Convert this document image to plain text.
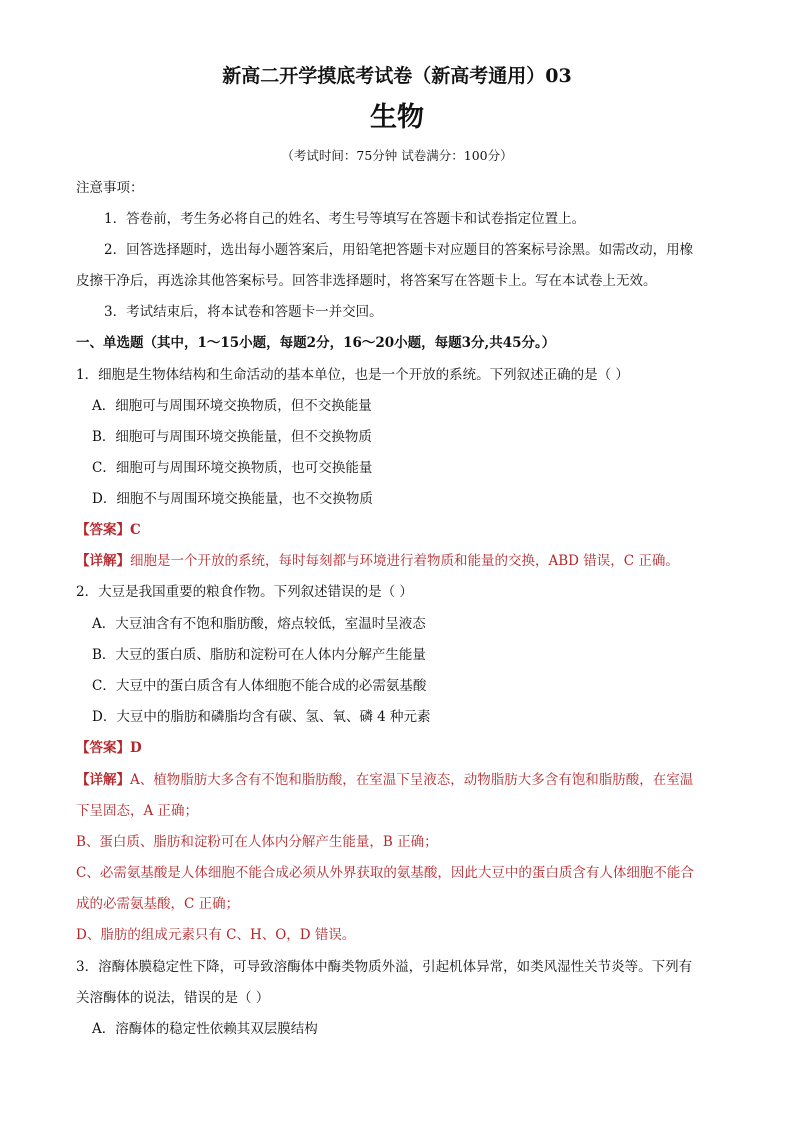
新高二开学摸底考试卷（新高考通用）03
生物
（考试时间：75分钟 试卷满分：100分）
注意事项：
1．答卷前，考生务必将自己的姓名、考生号等填写在答题卡和试卷指定位置上。
2．回答选择题时，选出每小题答案后，用铅笔把答题卡对应题目的答案标号涂黑。如需改动，用橡
皮擦干净后，再选涂其他答案标号。回答非选择题时，将答案写在答题卡上。写在本试卷上无效。
3．考试结束后，将本试卷和答题卡一并交回。
一、单选题（其中，1～15小题，每题2分，16～20小题，每题3分,共45分。）
1．细胞是生物体结构和生命活动的基本单位，也是一个开放的系统。下列叙述正确的是（ ）
A．细胞可与周围环境交换物质，但不交换能量
B．细胞可与周围环境交换能量，但不交换物质
C．细胞可与周围环境交换物质，也可交换能量
D．细胞不与周围环境交换能量，也不交换物质
【答案】C
【详解】细胞是一个开放的系统，每时每刻都与环境进行着物质和能量的交换，ABD 错误，C 正确。
2．大豆是我国重要的粮食作物。下列叙述错误的是（ ）
A．大豆油含有不饱和脂肪酸，熔点较低，室温时呈液态
B．大豆的蛋白质、脂肪和淀粉可在人体内分解产生能量
C．大豆中的蛋白质含有人体细胞不能合成的必需氨基酸
D．大豆中的脂肪和磷脂均含有碳、氢、氧、磷 4 种元素
【答案】D
【详解】A、植物脂肪大多含有不饱和脂肪酸，在室温下呈液态，动物脂肪大多含有饱和脂肪酸，在室温
下呈固态，A 正确；
B、蛋白质、脂肪和淀粉可在人体内分解产生能量，B 正确；
C、必需氨基酸是人体细胞不能合成必须从外界获取的氨基酸，因此大豆中的蛋白质含有人体细胞不能合
成的必需氨基酸，C 正确；
D、脂肪的组成元素只有 C、H、O，D 错误。
3．溶酶体膜稳定性下降，可导致溶酶体中酶类物质外溢，引起机体异常，如类风湿性关节炎等。下列有
关溶酶体的说法，错误的是（ ）
A．溶酶体的稳定性依赖其双层膜结构
